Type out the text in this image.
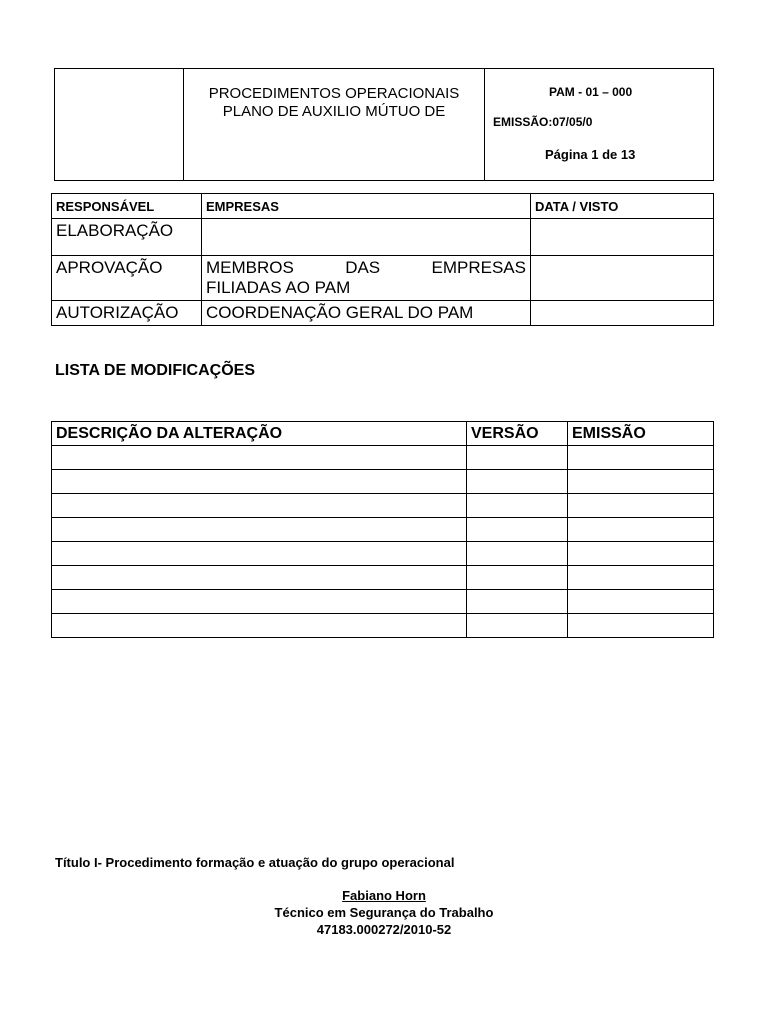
PROCEDIMENTOS OPERACIONAIS
PLANO DE AUXILIO MÚTUO DE

PAM - 01 – 000
EMISSÃO:07/05/0
Página 1 de 13
RESPONSÁVEL	EMPRESAS	DATA / VISTO
ELABORAÇÃO		
APROVAÇÃO	MEMBROS DAS EMPRESAS
FILIADAS AO PAM	

AUTORIZAÇÃO	COORDENAÇÃO GERAL DO PAM	
LISTA DE MODIFICAÇÕES
DESCRIÇÃO DA ALTERAÇÃO	VERSÃO	EMISSÃO

Título I- Procedimento formação e atuação do grupo operacional
Fabiano Horn
Técnico em Segurança do Trabalho
47183.000272/2010-52
